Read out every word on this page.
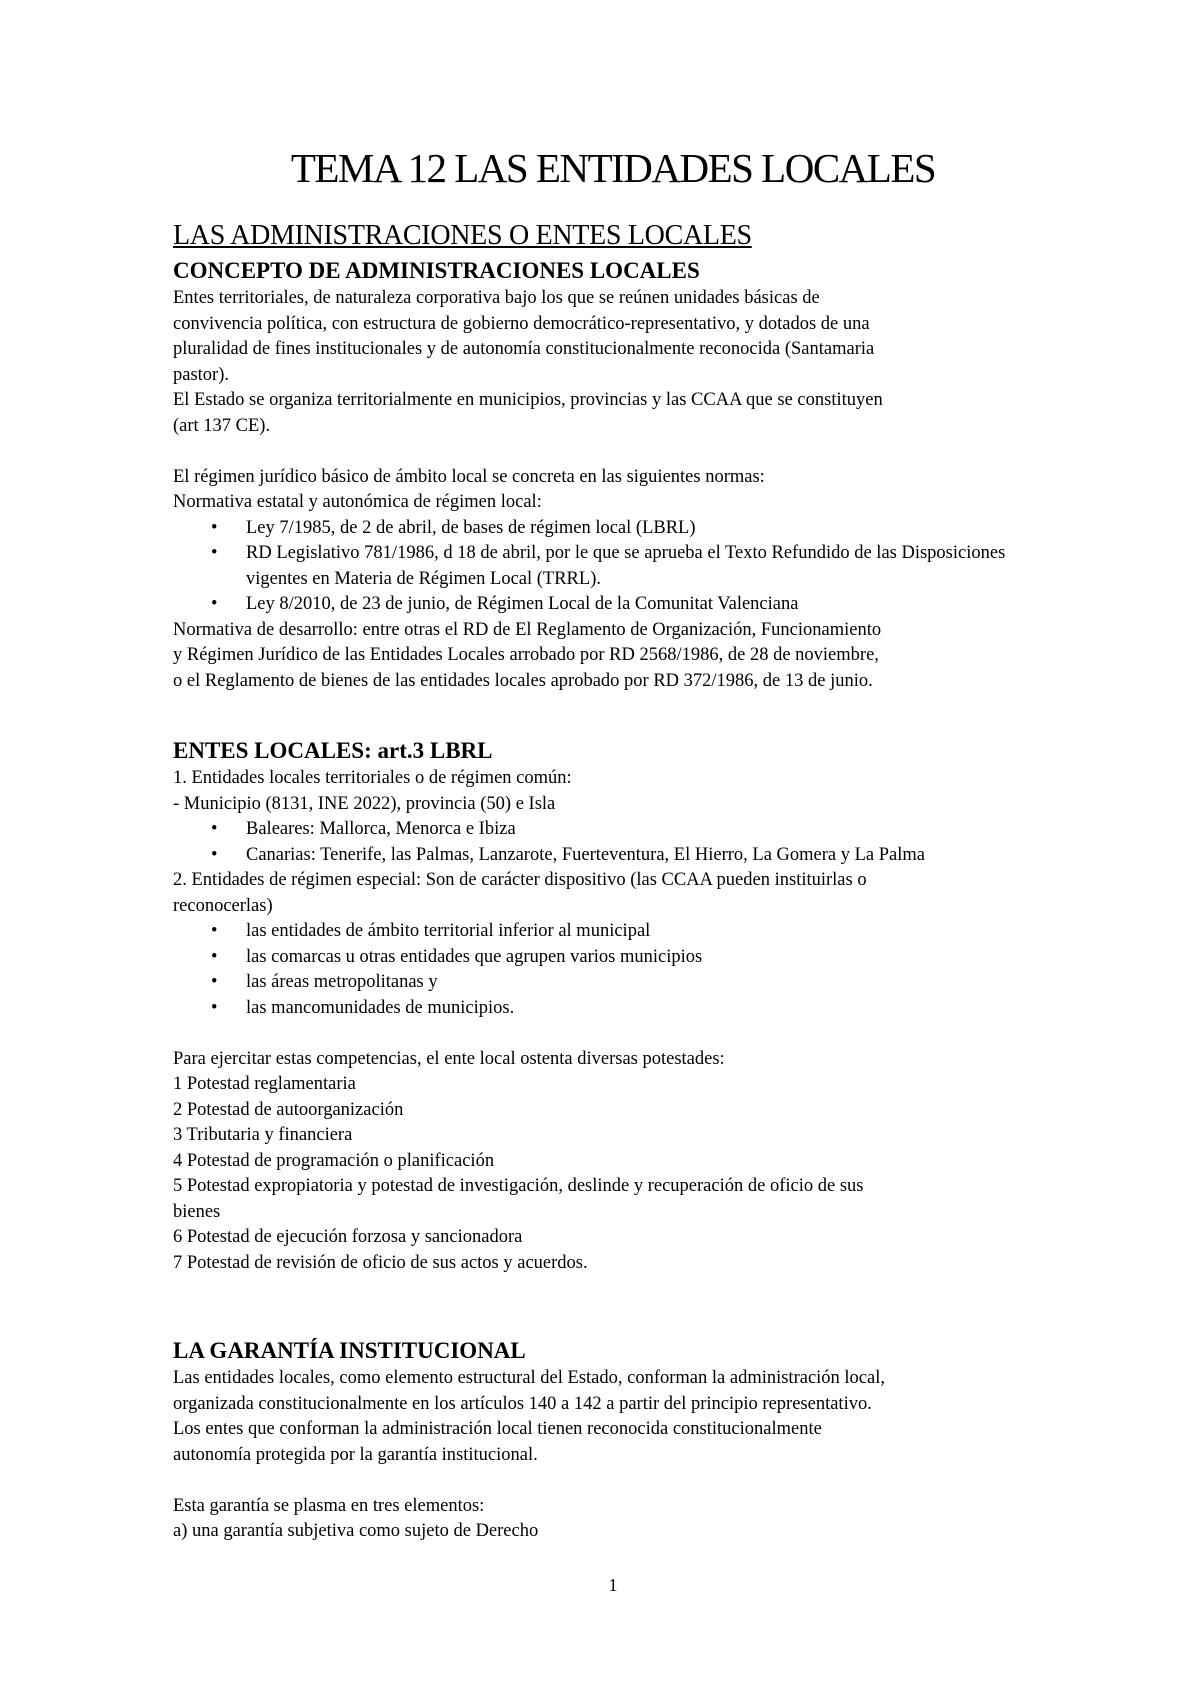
TEMA 12 LAS ENTIDADES LOCALES
LAS ADMINISTRACIONES O ENTES LOCALES
CONCEPTO DE ADMINISTRACIONES LOCALES

Entes territoriales, de naturaleza corporativa bajo los que se reúnen unidades básicas de

convivencia política, con estructura de gobierno democrático-representativo, y dotados de una

pluralidad de fines institucionales y de autonomía constitucionalmente reconocida (Santamaria

pastor).

El Estado se organiza territorialmente en municipios, provincias y las CCAA que se constituyen

(art 137 CE).

El régimen jurídico básico de ámbito local se concreta en las siguientes normas:

Normativa estatal y autonómica de régimen local:

• Ley 7/1985, de 2 de abril, de bases de régimen local (LBRL)
• RD Legislativo 781/1986, d 18 de abril, por le que se aprueba el Texto Refundido de las Disposiciones vigentes en Materia de Régimen Local (TRRL).
• Ley 8/2010, de 23 de junio, de Régimen Local de la Comunitat Valenciana

Normativa de desarrollo: entre otras el RD de El Reglamento de Organización, Funcionamiento

y Régimen Jurídico de las Entidades Locales arrobado por RD 2568/1986, de 28 de noviembre,

o el Reglamento de bienes de las entidades locales aprobado por RD 372/1986, de 13 de junio.

ENTES LOCALES: art.3 LBRL

1. Entidades locales territoriales o de régimen común:

- Municipio (8131, INE 2022), provincia (50) e Isla

• Baleares: Mallorca, Menorca e Ibiza
• Canarias: Tenerife, las Palmas, Lanzarote, Fuerteventura, El Hierro, La Gomera y La Palma

2. Entidades de régimen especial: Son de carácter dispositivo (las CCAA pueden instituirlas o

reconocerlas)

• las entidades de ámbito territorial inferior al municipal
• las comarcas u otras entidades que agrupen varios municipios
• las áreas metropolitanas y
• las mancomunidades de municipios.

Para ejercitar estas competencias, el ente local ostenta diversas potestades:

1 Potestad reglamentaria

2 Potestad de autoorganización

3 Tributaria y financiera

4 Potestad de programación o planificación

5 Potestad expropiatoria y potestad de investigación, deslinde y recuperación de oficio de sus

bienes

6 Potestad de ejecución forzosa y sancionadora

7 Potestad de revisión de oficio de sus actos y acuerdos.

LA GARANTÍA INSTITUCIONAL

Las entidades locales, como elemento estructural del Estado, conforman la administración local,

organizada constitucionalmente en los artículos 140 a 142 a partir del principio representativo.

Los entes que conforman la administración local tienen reconocida constitucionalmente

autonomía protegida por la garantía institucional.

Esta garantía se plasma en tres elementos:

a) una garantía subjetiva como sujeto de Derecho

1
